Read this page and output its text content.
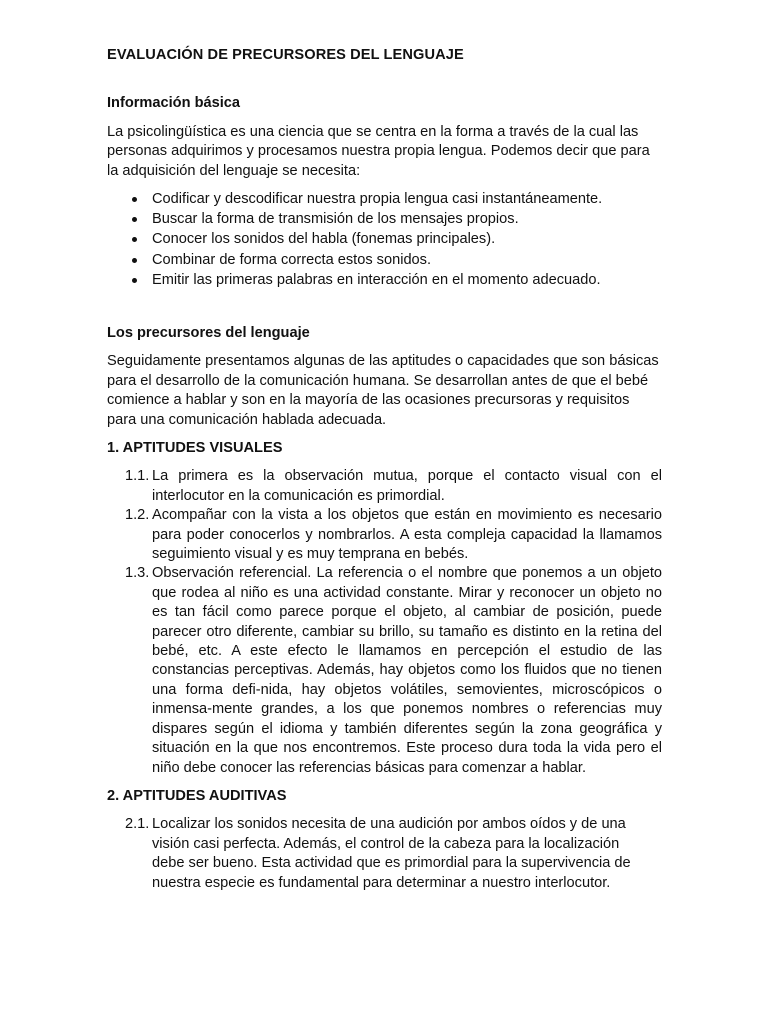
EVALUACIÓN DE PRECURSORES DEL LENGUAJE
Información básica
La psicolingüística es una ciencia que se centra en la forma a través de la cual las personas adquirimos y procesamos nuestra propia lengua. Podemos decir que para la adquisición del lenguaje se necesita:
Codificar y descodificar nuestra propia lengua casi instantáneamente.
Buscar la forma de transmisión de los mensajes propios.
Conocer los sonidos del habla (fonemas principales).
Combinar de forma correcta estos sonidos.
Emitir las primeras palabras en interacción en el momento adecuado.
Los precursores del lenguaje
Seguidamente presentamos algunas de las aptitudes o capacidades que son básicas para el desarrollo de la comunicación humana. Se desarrollan antes de que el bebé comience a hablar y son en la mayoría de las ocasiones precursoras y requisitos para una comunicación hablada adecuada.
1. APTITUDES VISUALES
1.1. La primera es la observación mutua, porque el contacto visual con el interlocutor en la comunicación es primordial.
1.2. Acompañar con la vista a los objetos que están en movimiento es necesario para poder conocerlos y nombrarlos. A esta compleja capacidad la llamamos seguimiento visual y es muy temprana en bebés.
1.3. Observación referencial. La referencia o el nombre que ponemos a un objeto que rodea al niño es una actividad constante. Mirar y reconocer un objeto no es tan fácil como parece porque el objeto, al cambiar de posición, puede parecer otro diferente, cambiar su brillo, su tamaño es distinto en la retina del bebé, etc. A este efecto le llamamos en percepción el estudio de las constancias perceptivas. Además, hay objetos como los fluidos que no tienen una forma defi-nida, hay objetos volátiles, semovientes, microscópicos o inmensa-mente grandes, a los que ponemos nombres o referencias muy dispares según el idioma y también diferentes según la zona geográfica y situación en la que nos encontremos. Este proceso dura toda la vida pero el niño debe conocer las referencias básicas para comenzar a hablar.
2. APTITUDES AUDITIVAS
2.1. Localizar los sonidos necesita de una audición por ambos oídos y de una visión casi perfecta. Además, el control de la cabeza para la localización debe ser bueno. Esta actividad que es primordial para la supervivencia de nuestra especie es fundamental para determinar a nuestro interlocutor.
